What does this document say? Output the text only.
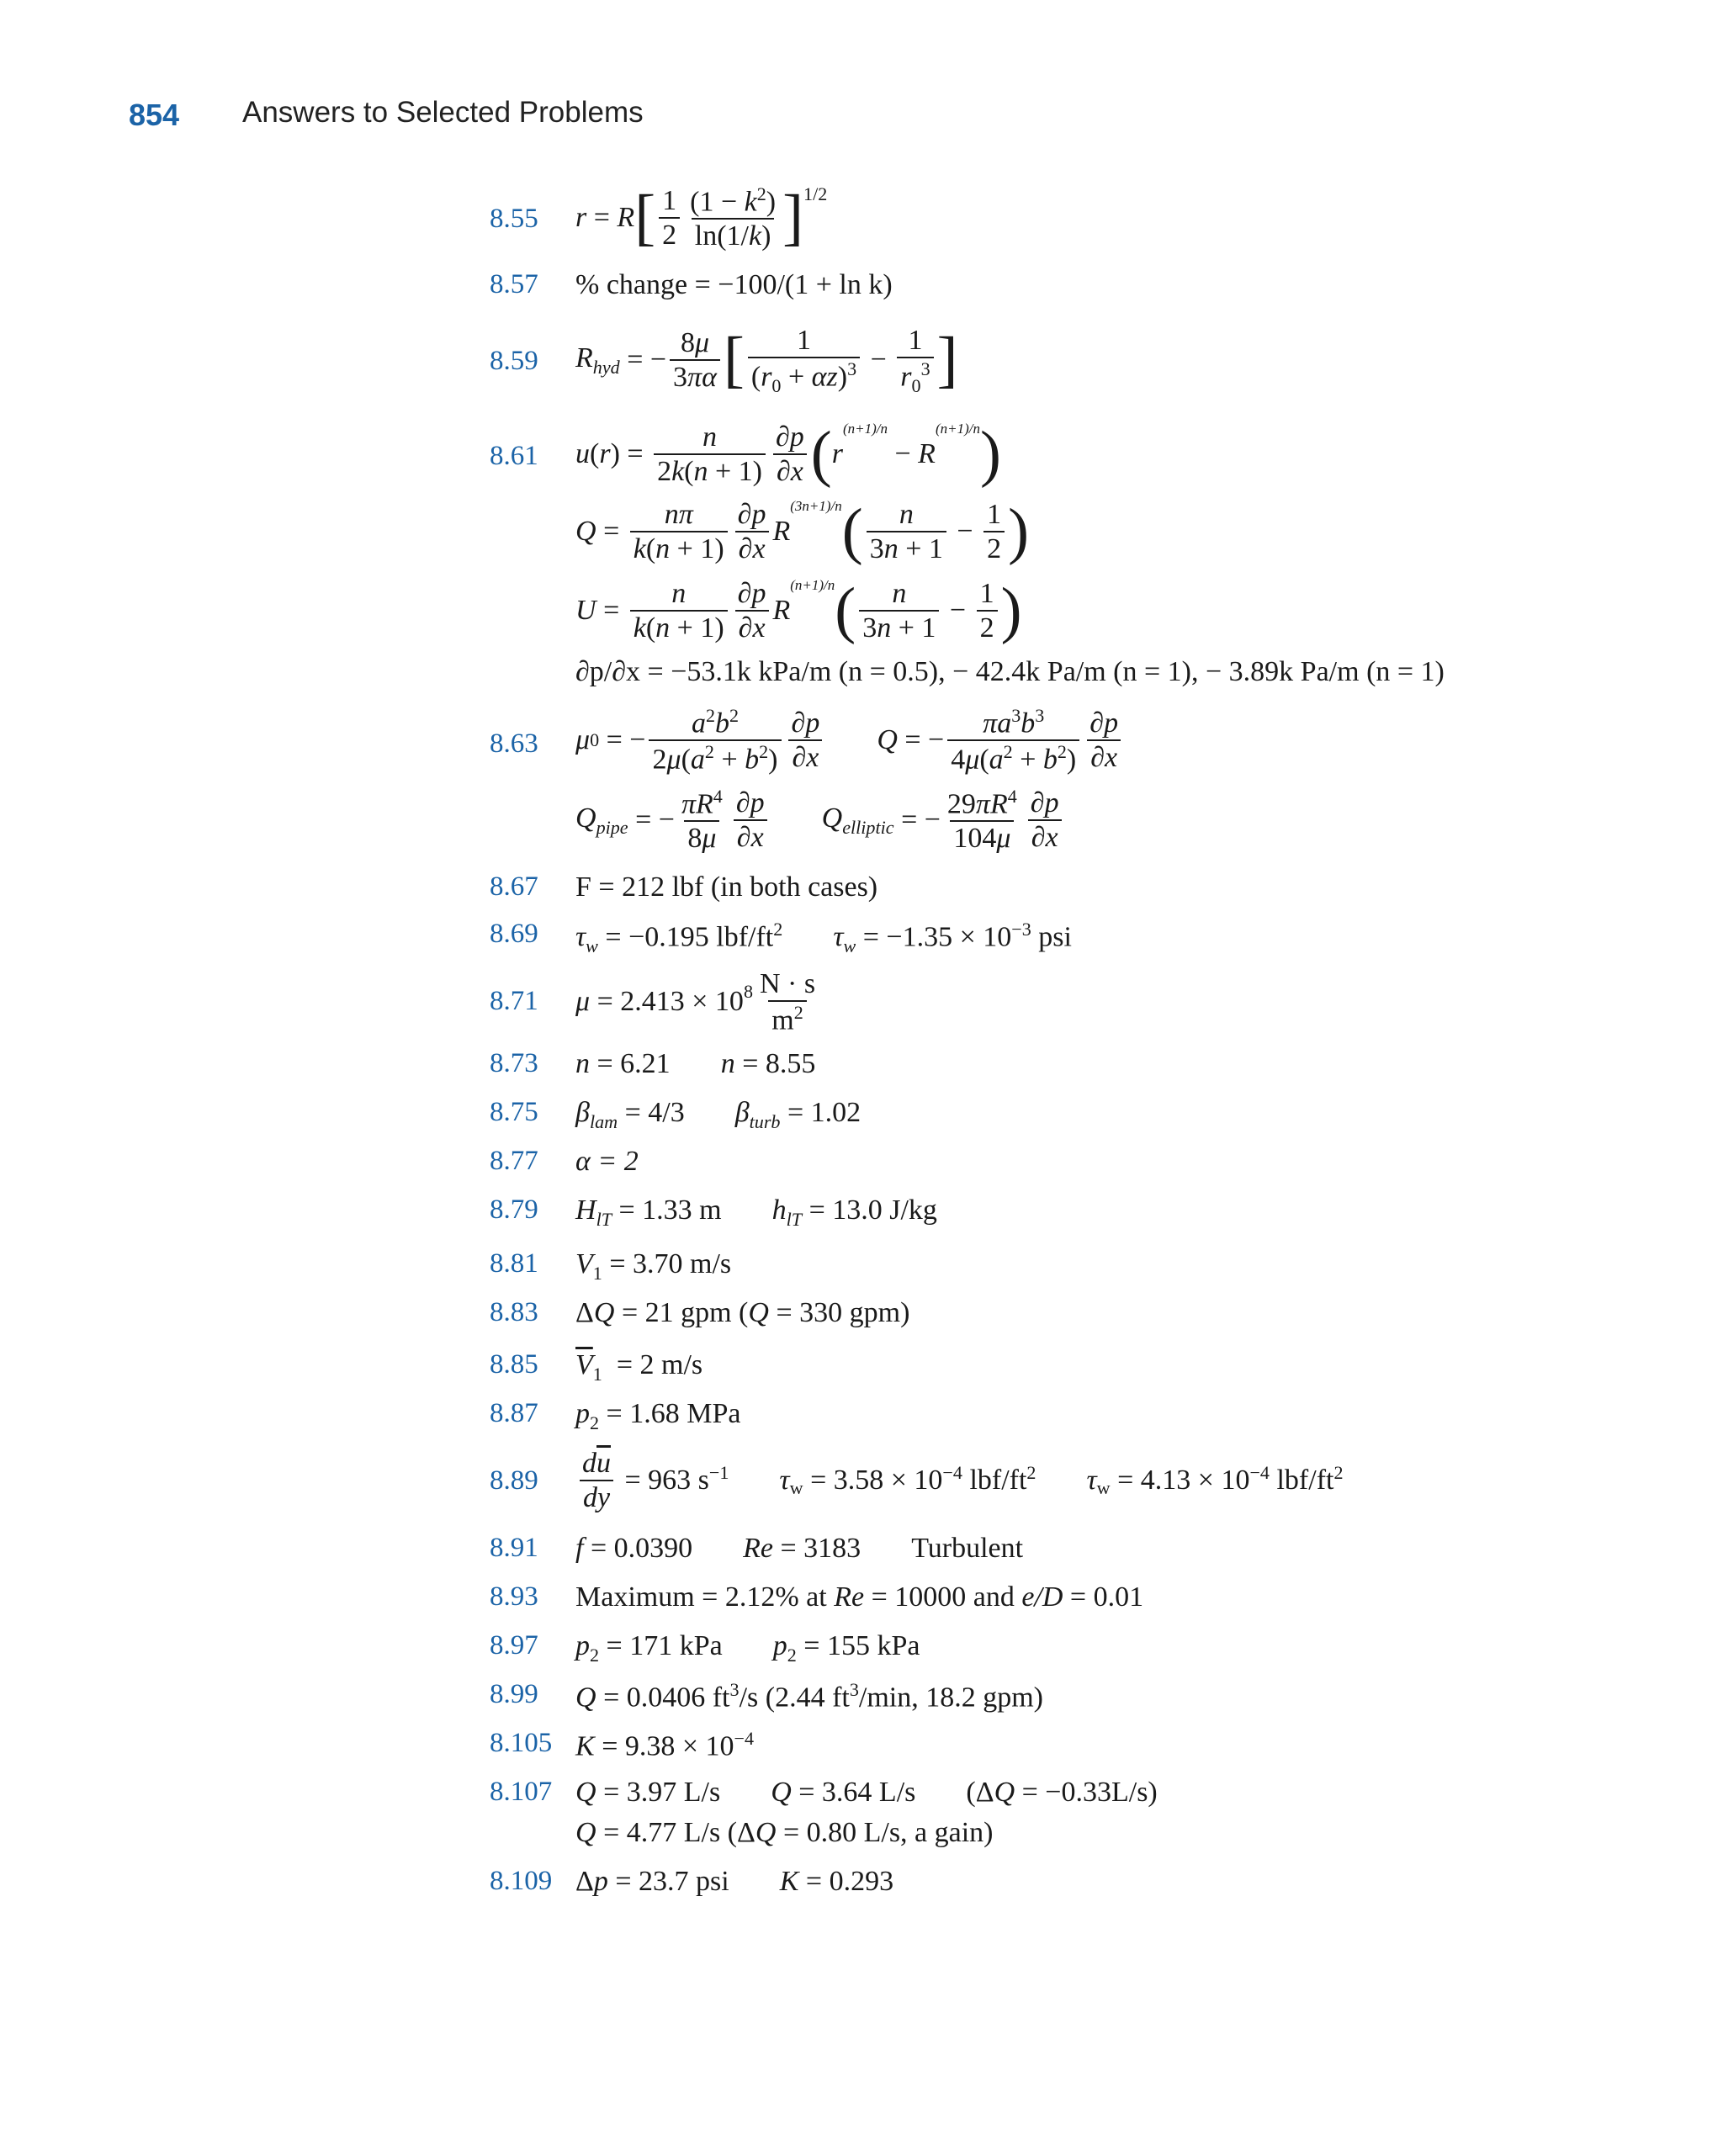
854 Answers to Selected Problems
8.55 r = R [ $\frac{1}{2} \frac{(1 - k^2)}{\ln(1/k)} ]^{1/2}$
8.57 % change = −100/(1 + ln k)
8.59 $R_{hyd}$ = − $\frac{8\mu}{3\pi\alpha}$ [ $\frac{1}{(r_0 + \alpha z)^3} - \frac{1}{r_0^3}$ ]
8.61 u ( r ) = $\frac{n}{2k(n + 1)} \frac{\partial p}{\partial x}$ ( r
(n+1)/n
− R
(n+1)/n )
$Q = \frac{n\pi}{k(n + 1)} \frac{\partial p}{\partial x}$ R
(3n+1)/n ( $\frac{n}{3n + 1} - \frac{1}{2}$ )
$U = \frac{n}{k(n + 1)} \frac{\partial p}{\partial x}$ R
(n+1)/n ( $\frac{n}{3n + 1} - \frac{1}{2}$ )
∂p/∂x = −53.1k kPa/m (n = 0.5), − 42.4k Pa/m (n = 1), − 3.89k Pa/m (n = 1)
8.63 μ 0 = − $\frac{a^2b^2}{2\mu(a^2 + b^2)} \frac{\partial p}{\partial x}$ Q = − $\frac{\pi a^3b^3}{4\mu(a^2 + b^2)} \frac{\partial p}{\partial x}$
$Q_{pipe}$ = − $\frac{\pi R^4}{8\mu} \frac{\partial p}{\partial x} Q_{elliptic}$ = − $\frac{29\pi R^4}{104\mu} \frac{\partial p}{\partial x}$
8.67 F = 212 lbf (in both cases)
8.69 $\tau_w = -0.195$ lbf/$ft^2$ $\tau_w = -1.35 \times 10^{-3}$ psi
8.71 $\mu = 2.413 \times 10^8 \frac{N \cdot s}{m^2}$
8.73 n = 6.21 n = 8.55
8.75 $\beta_{lam} = 4/3$ $\beta_{turb} = 1.02$
8.77 α = 2
8.79 $H_{lT} = 1.33$ m $h_{lT} = 13.0$ J/kg
8.81 $V_1 = 3.70$ m/s
8.83 ΔQ = 21 gpm (Q = 330 gpm)
8.85 $\overline{V}_1 = 2$ m/s
8.87 $p_2 = 1.68$ MPa
$8.89 \frac{d\overline{u}}{dy} = 963$ $s^{-1}$ $\tau_w = 3.58 \times 10^{-4}$ lbf/ft 2 $\tau_w = 4.13 \times 10^{-4}$ lbf/ft 2
8.91 f = 0.0390 Re = 3183 Turbulent
8.93 Maximum = 2.12% at Re = 10000 and e/D = 0.01
8.97 $p_2 = 171$ kPa $p_2 = 155$ kPa
8.99 Q = 0.0406 $ft^3/s$ (2.44 $ft^3/\min$, 18.2 gpm)
8.105 $K = 9.38 \times 10^{-4}$
8.107 Q = 3.97 L/s Q = 3.64 L/s (ΔQ = −0.33L/s)
Q = 4.77 L/s (ΔQ = 0.80 L/s, a gain)
8.109 Δp = 23.7 psi K = 0.293
